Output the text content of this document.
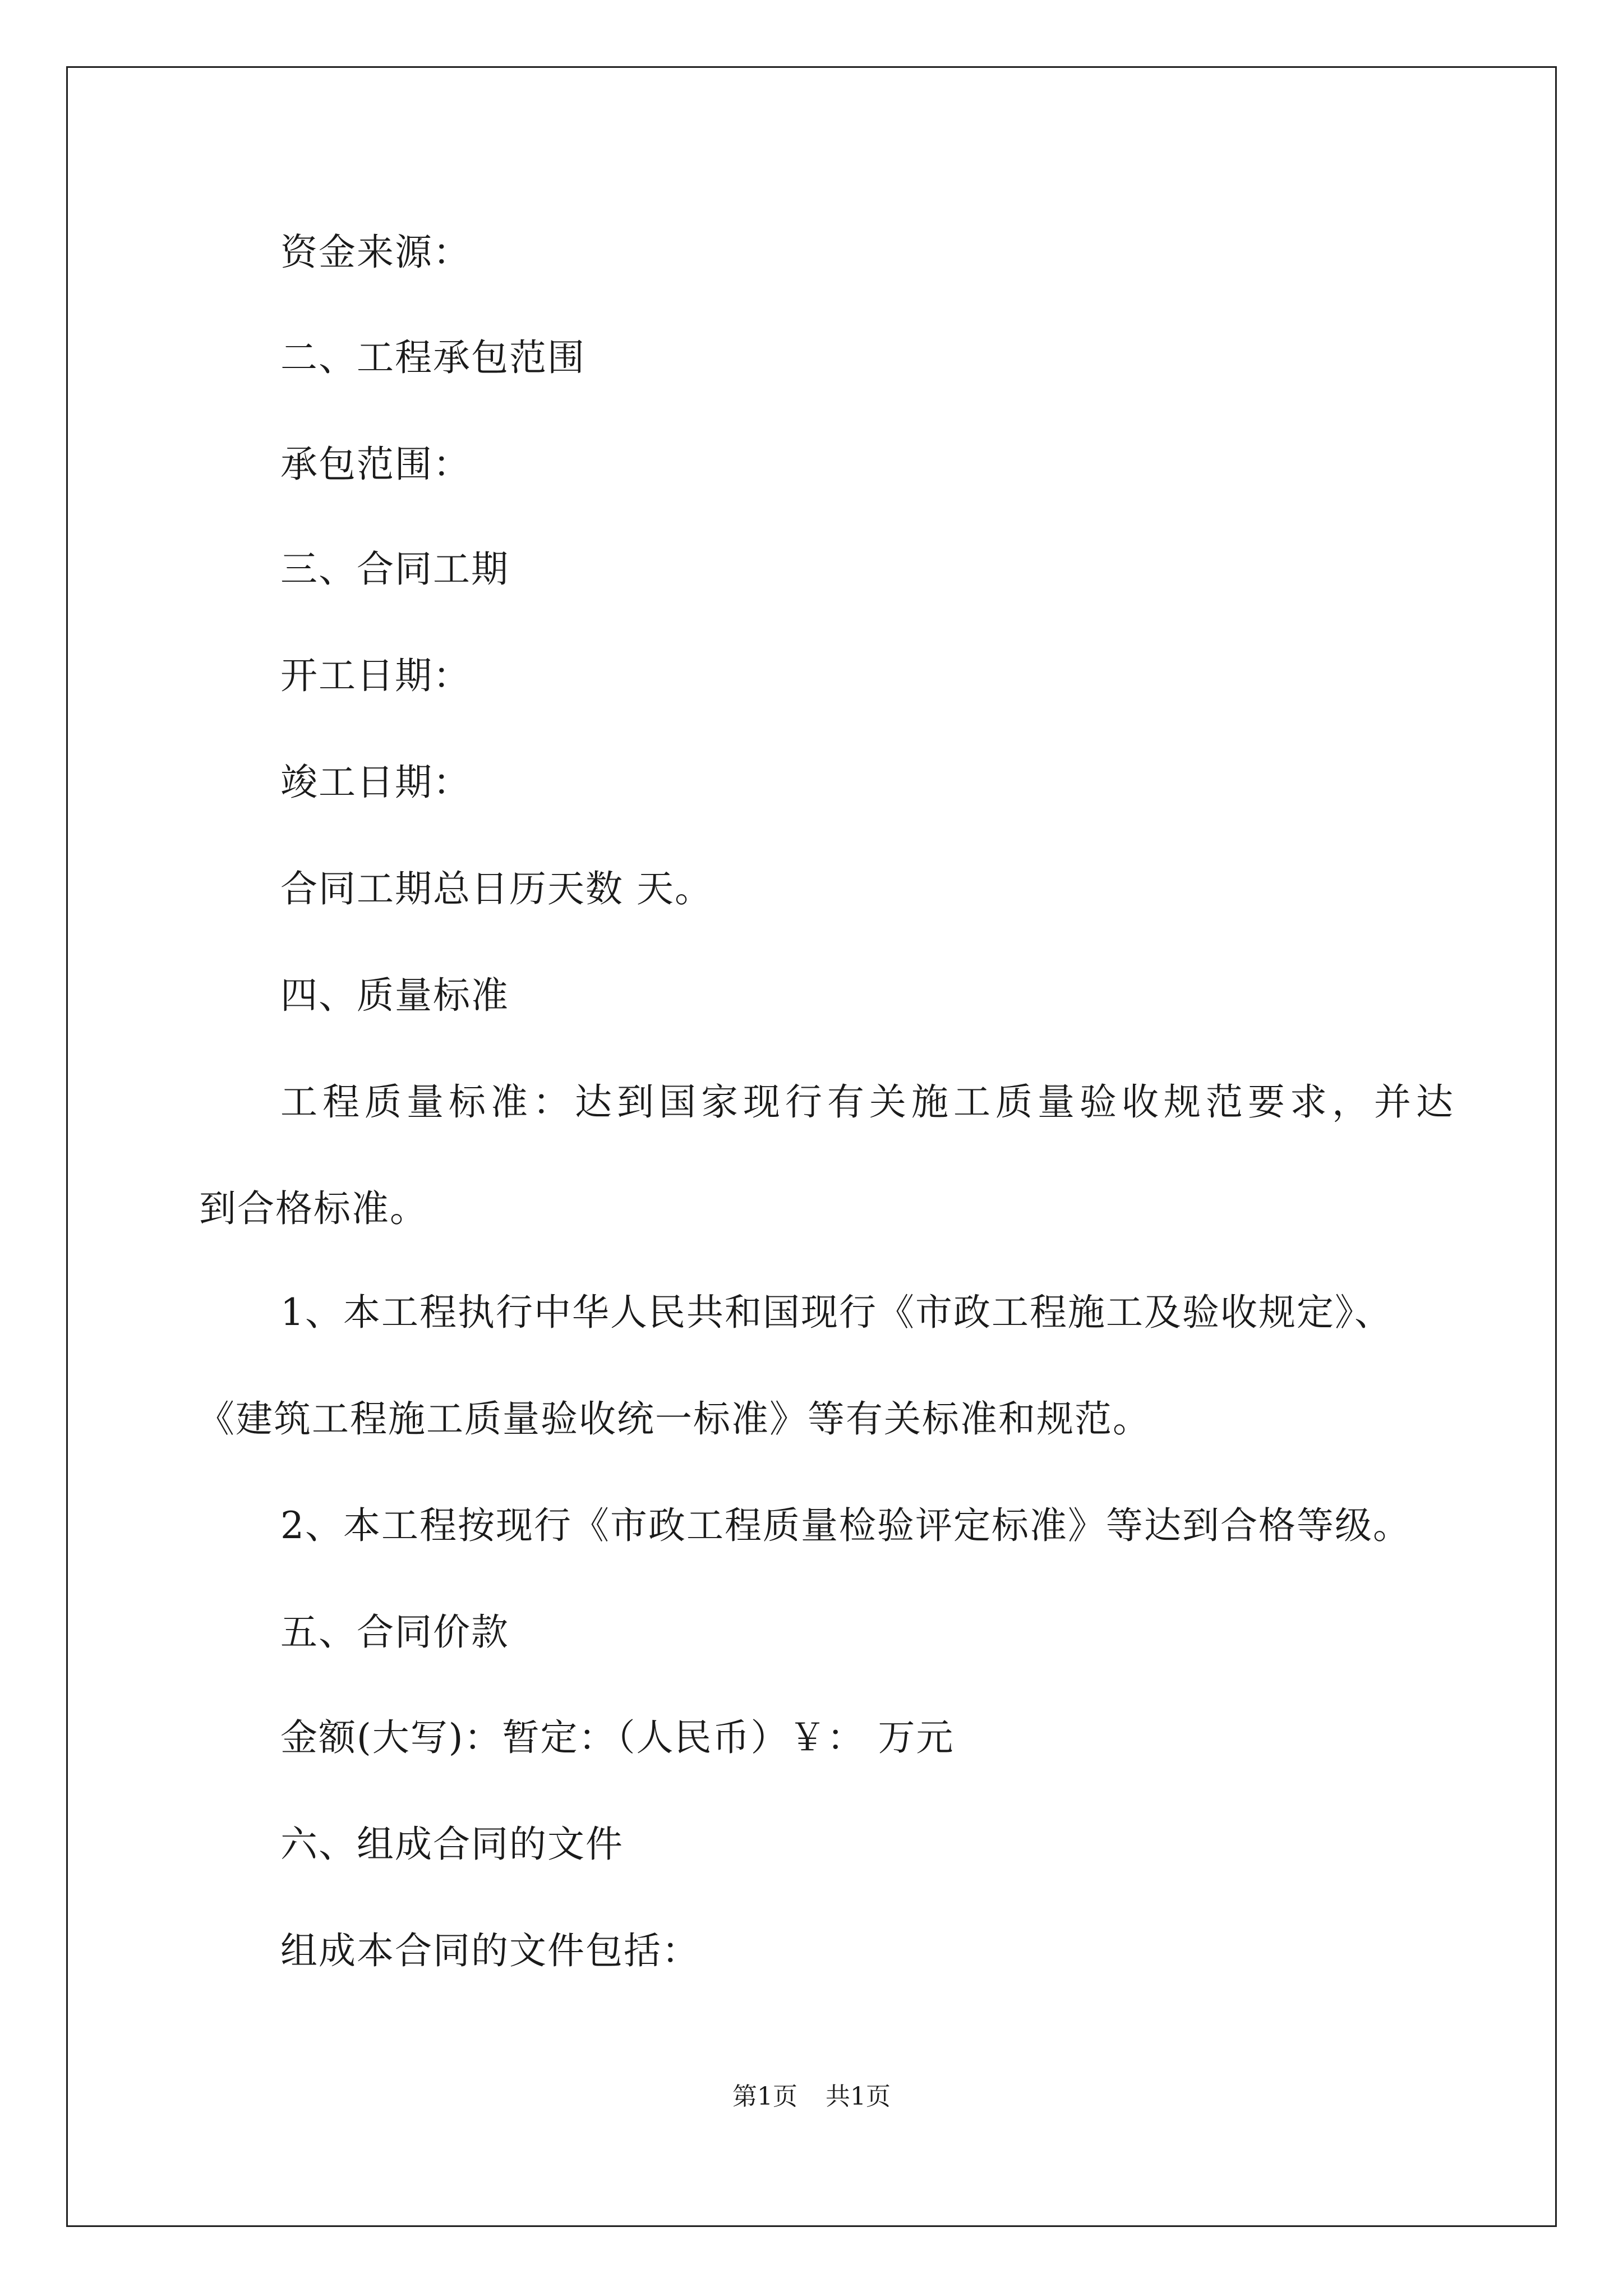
资金来源：

二、工程承包范围

承包范围：

三、合同工期

开工日期：

竣工日期：

合同工期总日历天数 天。

四、质量标准

工程质量标准：达到国家现行有关施工质量验收规范要求，并达

到合格标准。

1、本工程执行中华人民共和国现行《市政工程施工及验收规定》、

《建筑工程施工质量验收统一标准》等有关标准和规范。

2、本工程按现行《市政工程质量检验评定标准》等达到合格等级。

五、合同价款

金额(大写)：暂定：（人民币）￥： 万元

六、组成合同的文件

组成本合同的文件包括：

第1页 共1页
